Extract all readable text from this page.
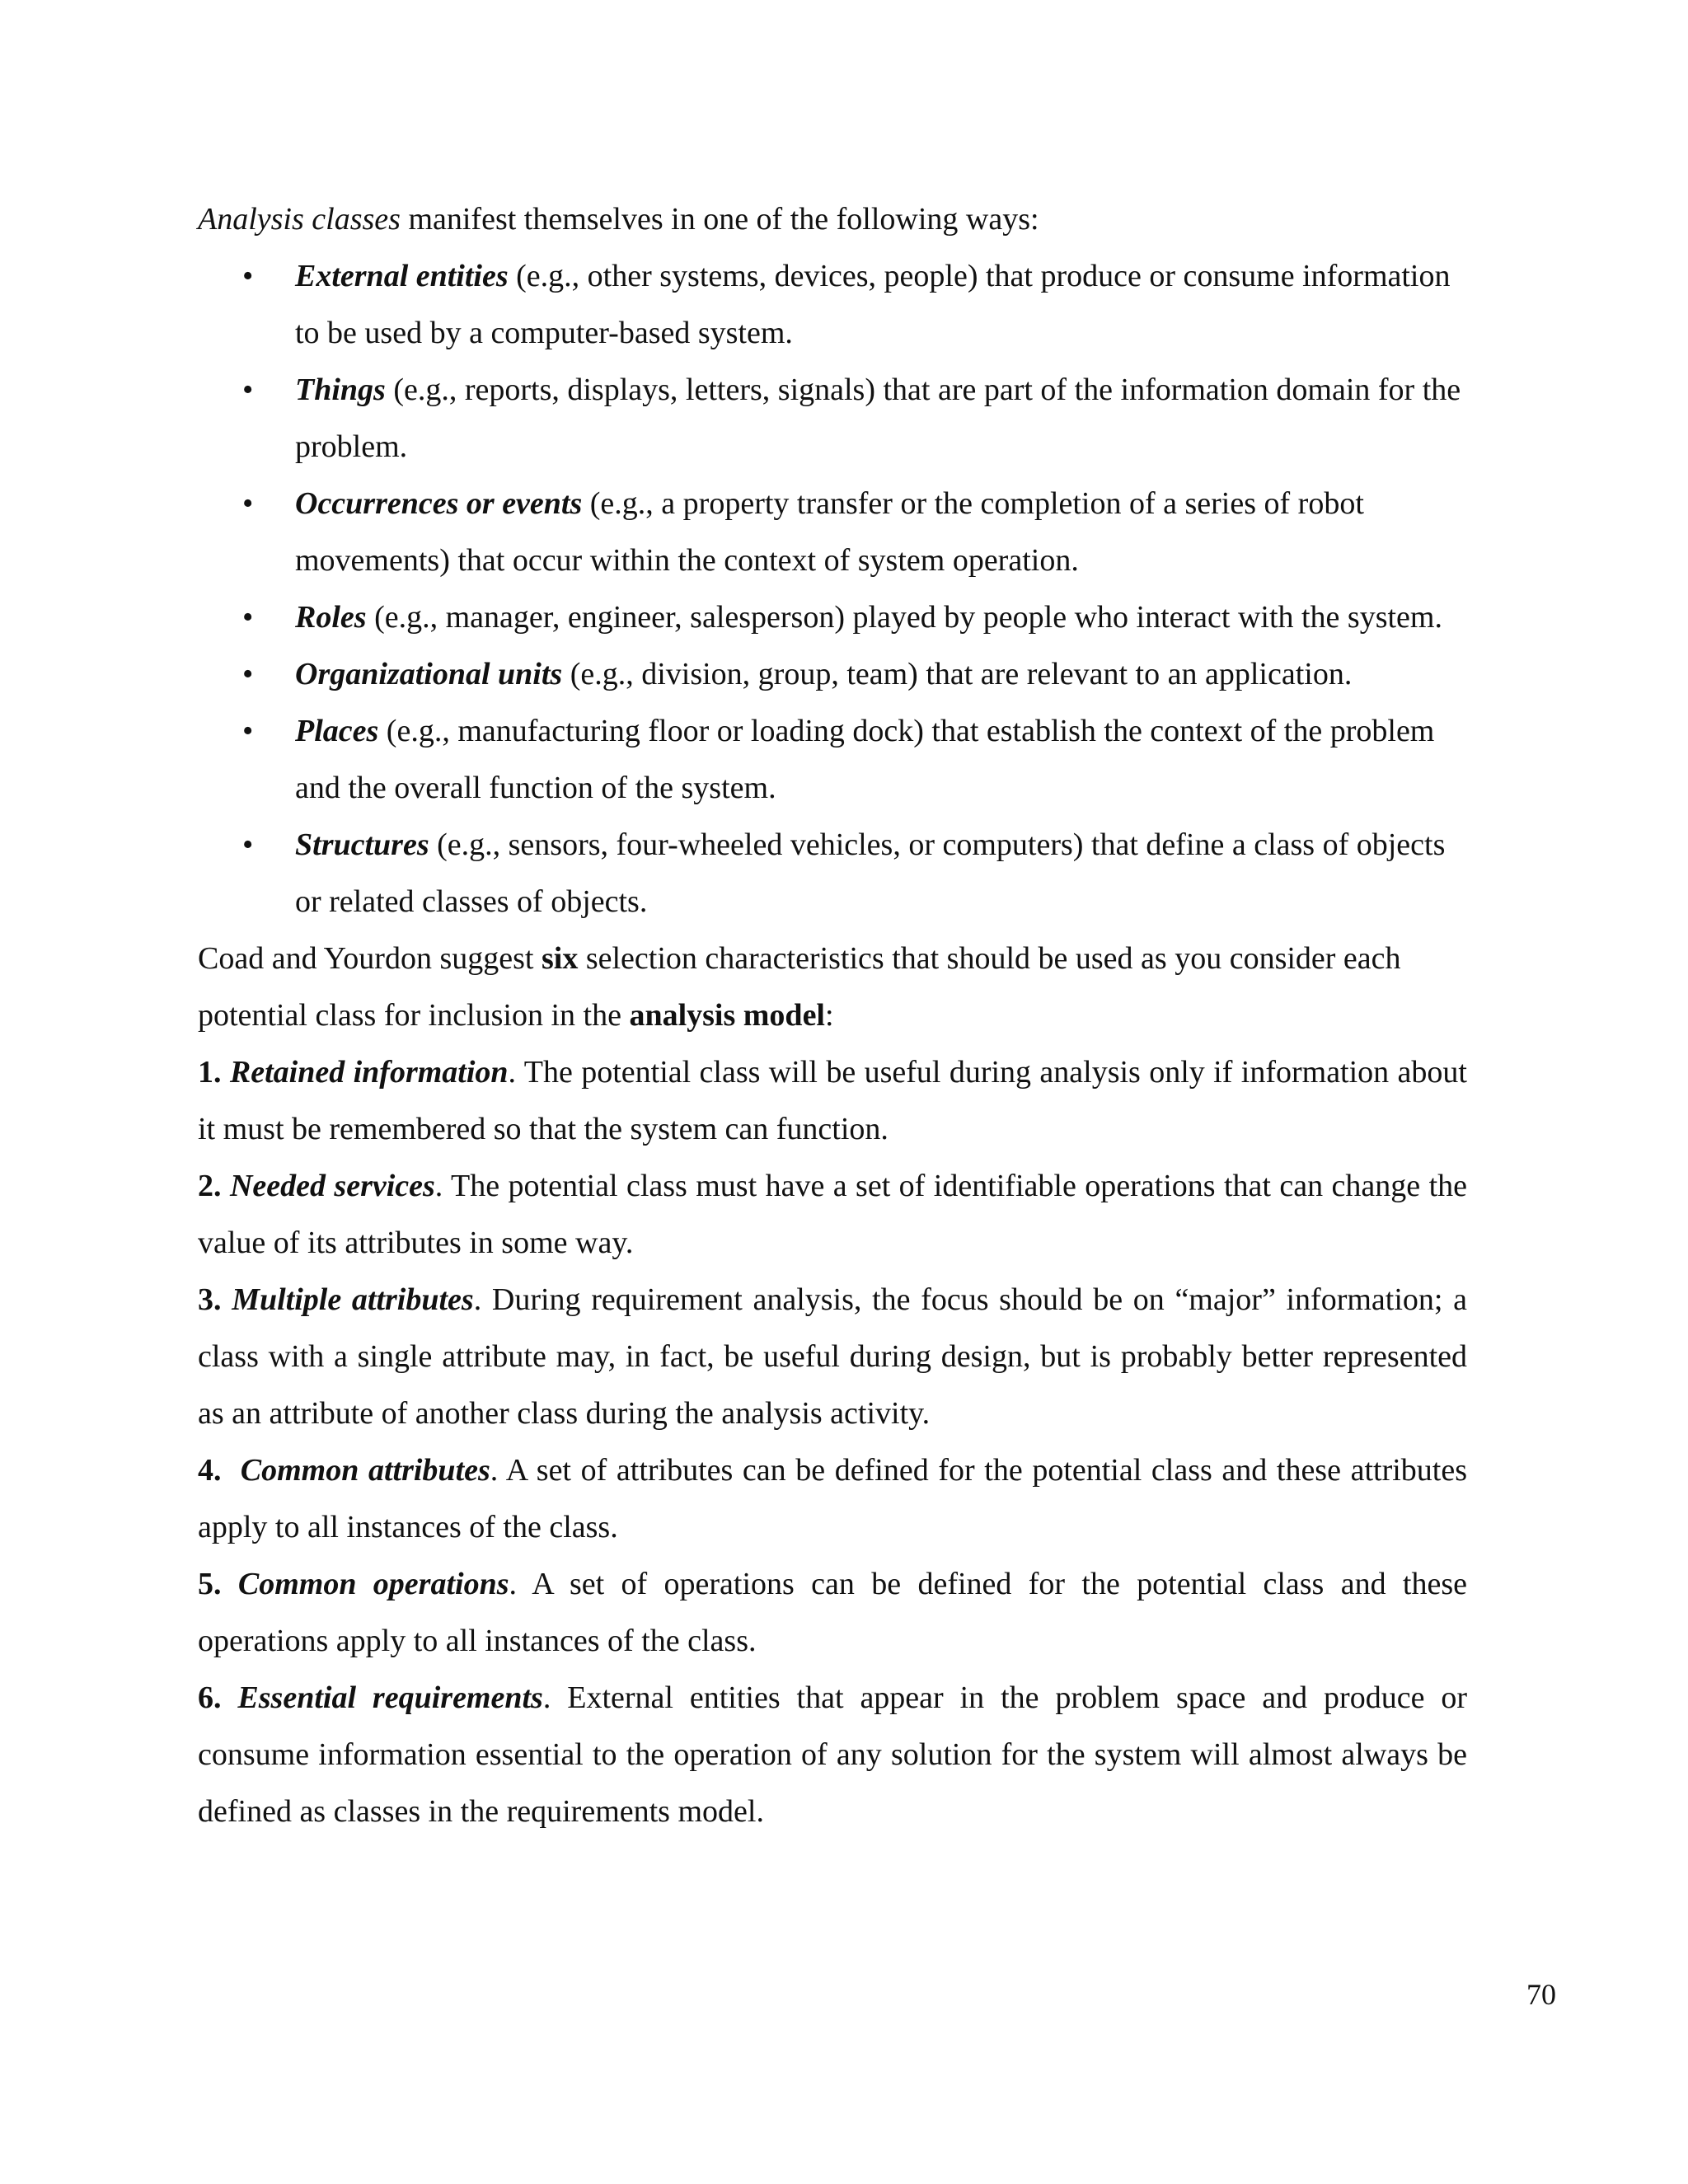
Analysis classes manifest themselves in one of the following ways:

• External entities (e.g., other systems, devices, people) that produce or consume information to be used by a computer-based system.
• Things (e.g., reports, displays, letters, signals) that are part of the information domain for the problem.
• Occurrences or events (e.g., a property transfer or the completion of a series of robot movements) that occur within the context of system operation.
• Roles (e.g., manager, engineer, salesperson) played by people who interact with the system.
• Organizational units (e.g., division, group, team) that are relevant to an application.
• Places (e.g., manufacturing floor or loading dock) that establish the context of the problem and the overall function of the system.
• Structures (e.g., sensors, four-wheeled vehicles, or computers) that define a class of objects or related classes of objects.

Coad and Yourdon suggest six selection characteristics that should be used as you consider each potential class for inclusion in the analysis model:

1. Retained information. The potential class will be useful during analysis only if information about it must be remembered so that the system can function.

2. Needed services. The potential class must have a set of identifiable operations that can change the value of its attributes in some way.

3. Multiple attributes. During requirement analysis, the focus should be on “major” information; a class with a single attribute may, in fact, be useful during design, but is probably better represented as an attribute of another class during the analysis activity.

4. Common attributes. A set of attributes can be defined for the potential class and these attributes apply to all instances of the class.

5. Common operations. A set of operations can be defined for the potential class and these operations apply to all instances of the class.

6. Essential requirements. External entities that appear in the problem space and produce or consume information essential to the operation of any solution for the system will almost always be defined as classes in the requirements model.

70
